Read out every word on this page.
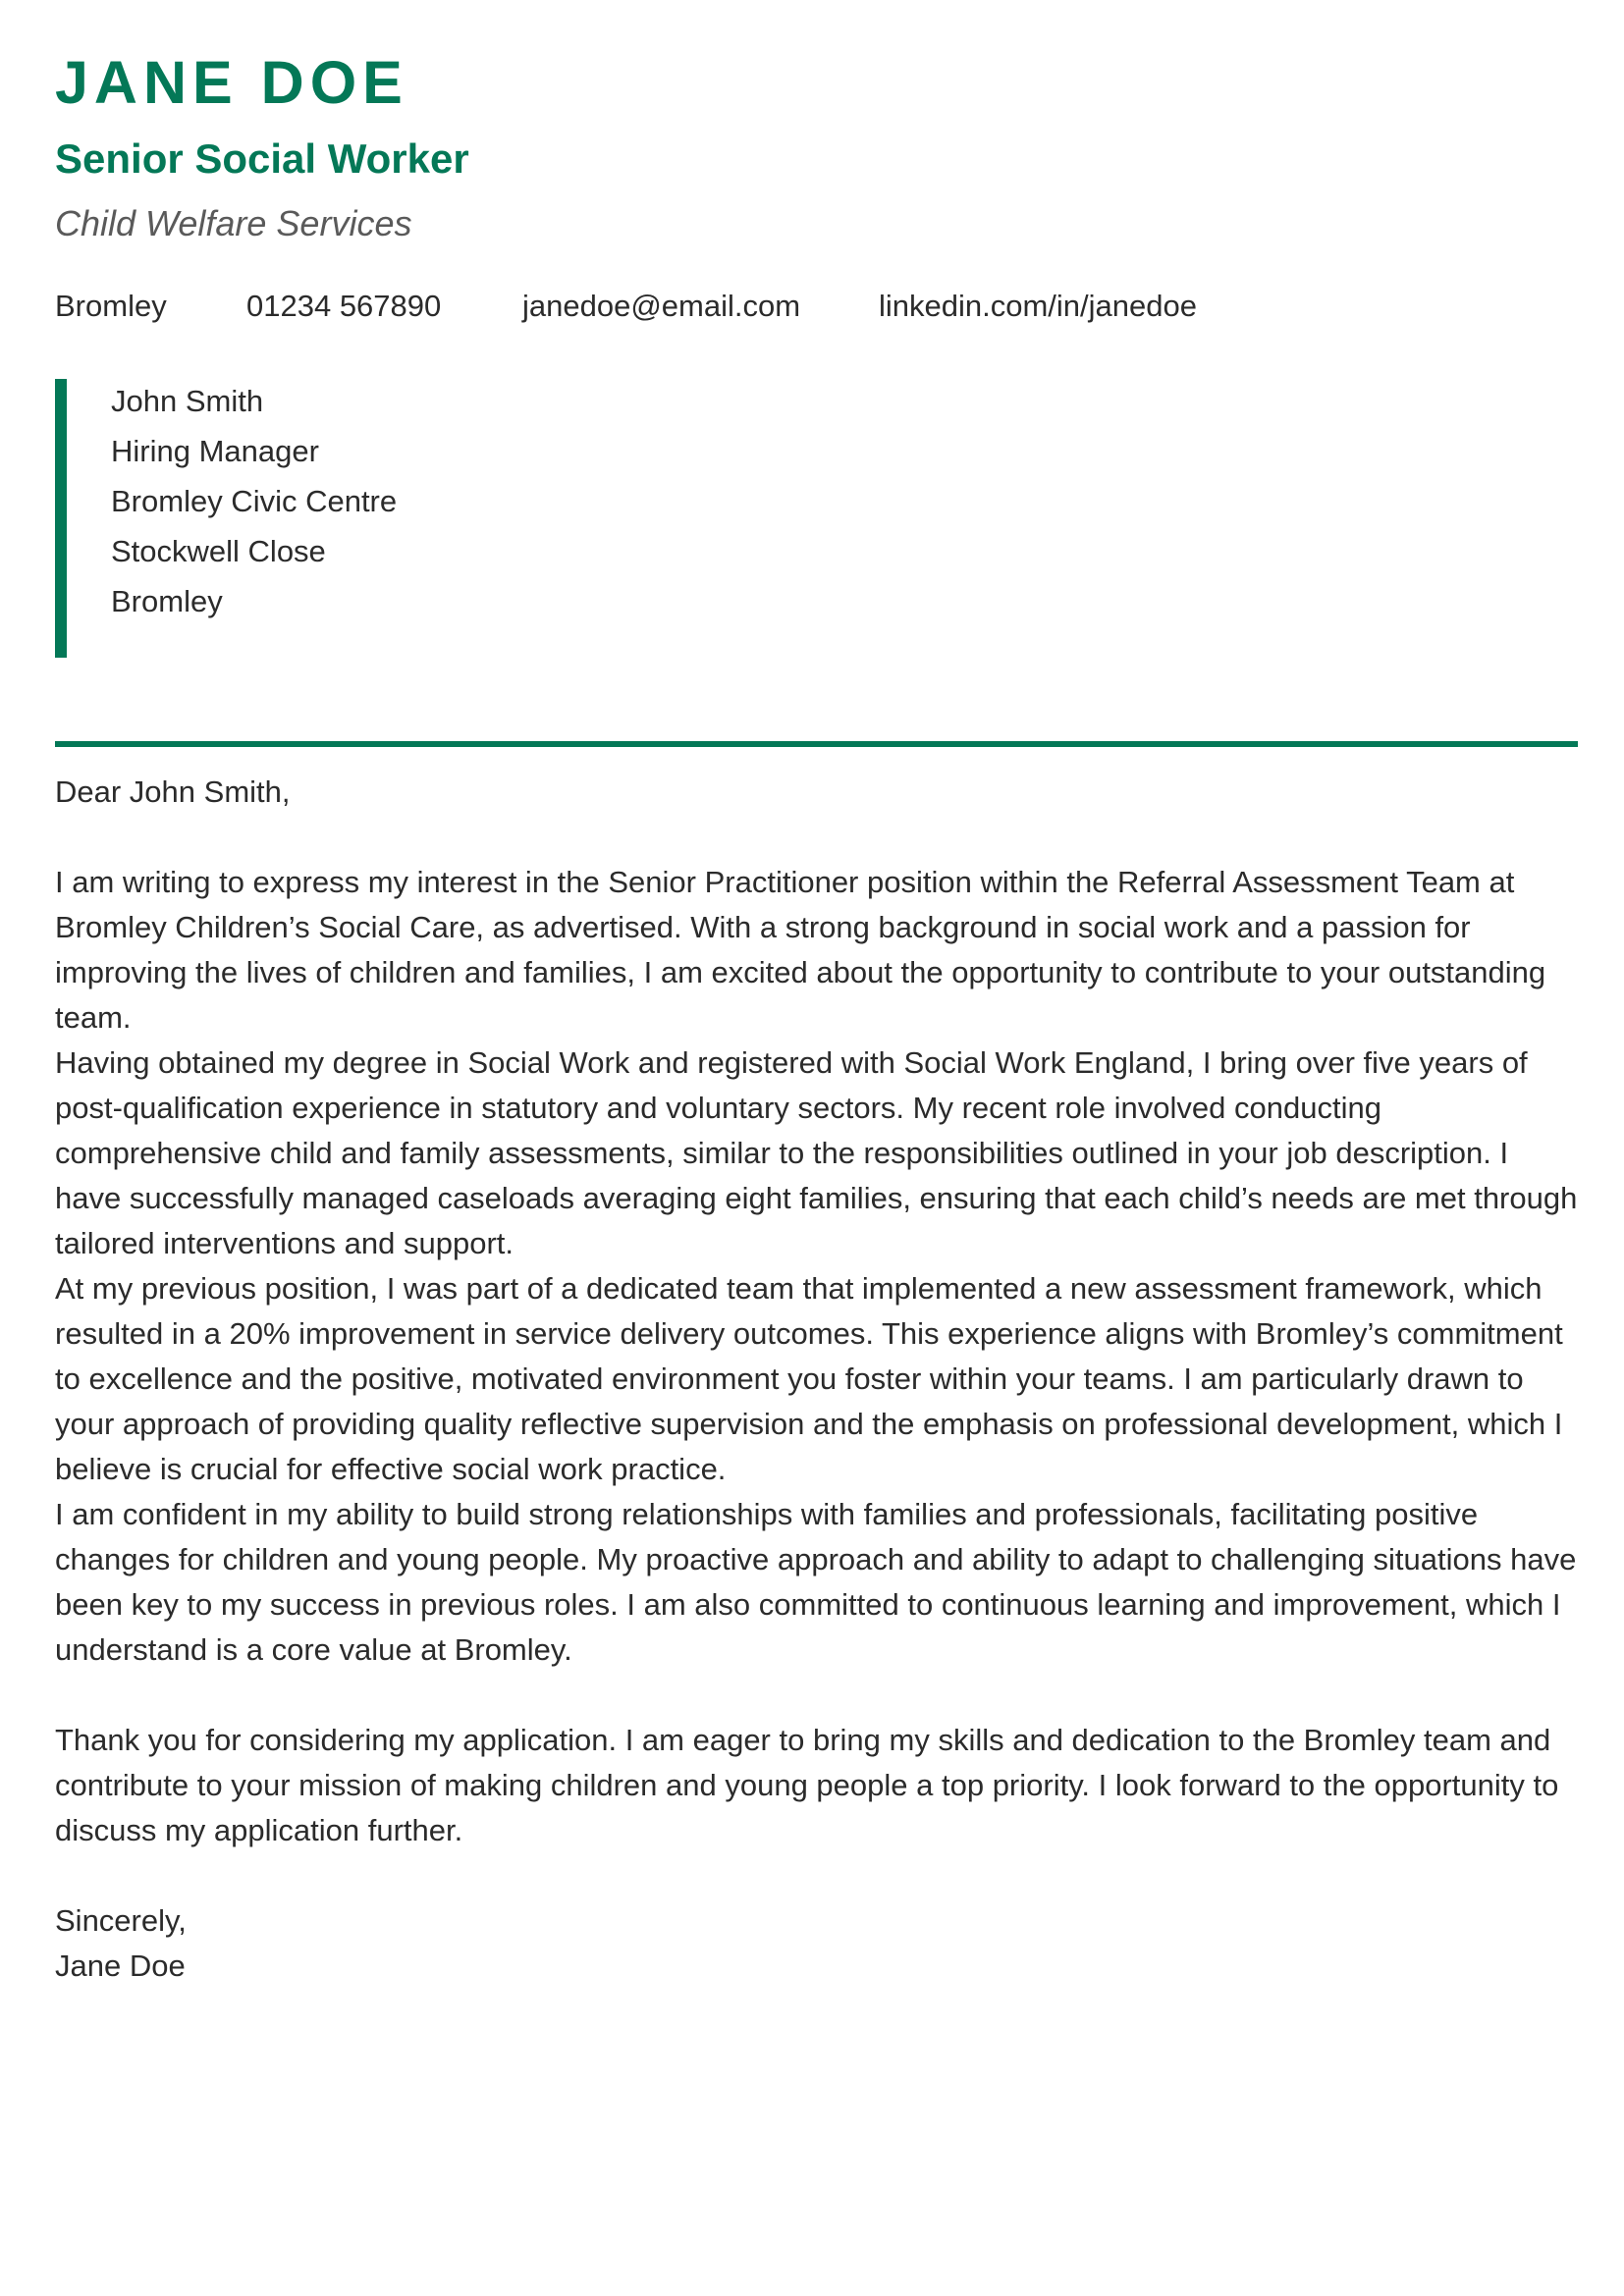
JANE DOE
Senior Social Worker
Child Welfare Services
Bromley	01234 567890	janedoe@email.com	linkedin.com/in/janedoe
John Smith
Hiring Manager
Bromley Civic Centre
Stockwell Close
Bromley

Dear John Smith,

I am writing to express my interest in the Senior Practitioner position within the Referral Assessment Team at Bromley Children’s Social Care, as advertised. With a strong background in social work and a passion for improving the lives of children and families, I am excited about the opportunity to contribute to your outstanding team.

Having obtained my degree in Social Work and registered with Social Work England, I bring over five years of post-qualification experience in statutory and voluntary sectors. My recent role involved conducting comprehensive child and family assessments, similar to the responsibilities outlined in your job description. I have successfully managed caseloads averaging eight families, ensuring that each child’s needs are met through tailored interventions and support.

At my previous position, I was part of a dedicated team that implemented a new assessment framework, which resulted in a 20% improvement in service delivery outcomes. This experience aligns with Bromley’s commitment to excellence and the positive, motivated environment you foster within your teams. I am particularly drawn to your approach of providing quality reflective supervision and the emphasis on professional development, which I believe is crucial for effective social work practice.

I am confident in my ability to build strong relationships with families and professionals, facilitating positive changes for children and young people. My proactive approach and ability to adapt to challenging situations have been key to my success in previous roles. I am also committed to continuous learning and improvement, which I understand is a core value at Bromley.

Thank you for considering my application. I am eager to bring my skills and dedication to the Bromley team and contribute to your mission of making children and young people a top priority. I look forward to the opportunity to discuss my application further.

Sincerely,

Jane Doe
